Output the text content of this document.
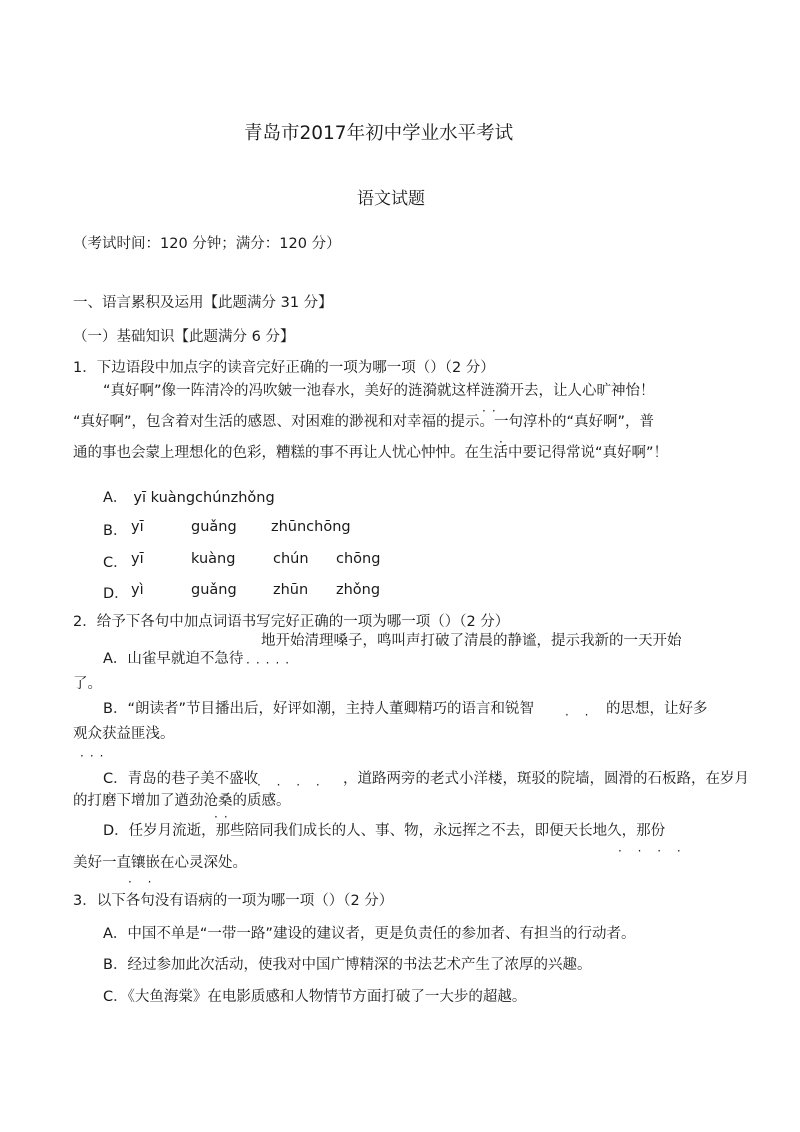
青岛市2017年初中学业水平考试
语文试题
（考试时间：120 分钟；满分：120 分）
一、语言累积及运用【此题满分 31 分】
（一）基础知识【此题满分 6 分】
1．下边语段中加点字的读音完好正确的一项为哪一项（）（2 分）
“真好啊”像一阵清冷的冯吹皴一池春水，美好的涟漪就这样涟漪开去，让人心旷神怡！
··
“真好啊”，包含着对生活的感恩、对困难的渺视和对幸福的提示。一句淳朴的“真好啊”，普
·
通的事也会蒙上理想化的色彩，糟糕的事不再让人忧心忡忡。在生活中要记得常说“真好啊”！
A． yī kuàngchúnzhǒng
B． yī	guǎng zhūnchōng
C． yī	kuàng	chún chōng
D． yì	guǎng	zhūn zhǒng
2．给予下各句中加点词语书写完好正确的一项为哪一项（）（2 分）
地开始清理嗓子，鸣叫声打破了清晨的静谧，提示我新的一天开始
A．山雀早就迫不急待 ·····
了。
B．“朗读者”节目播出后，好评如潮，主持人董卿精巧的语言和锐智	· · 的思想，让好多
观众获益匪浅。
···
C．青岛的巷子美不盛收
· · · · ，道路两旁的老式小洋楼，斑驳的院墙，圆滑的石板路，在岁月
的打磨下增加了遒劲沧桑的质感。
··
D．任岁月流逝，那些陪同我们成长的人、事、物，永远挥之不去，即便天长地久，那份
· · · ·
美好一直镶嵌在心灵深处。
· ·
3．以下各句没有语病的一项为哪一项（）（2 分）
A．中国不单是“一带一路”建设的建议者，更是负责任的参加者、有担当的行动者。
B．经过参加此次活动，使我对中国广博精深的书法艺术产生了浓厚的兴趣。
C．《大鱼海棠》在电影质感和人物情节方面打破了一大步的超越。
